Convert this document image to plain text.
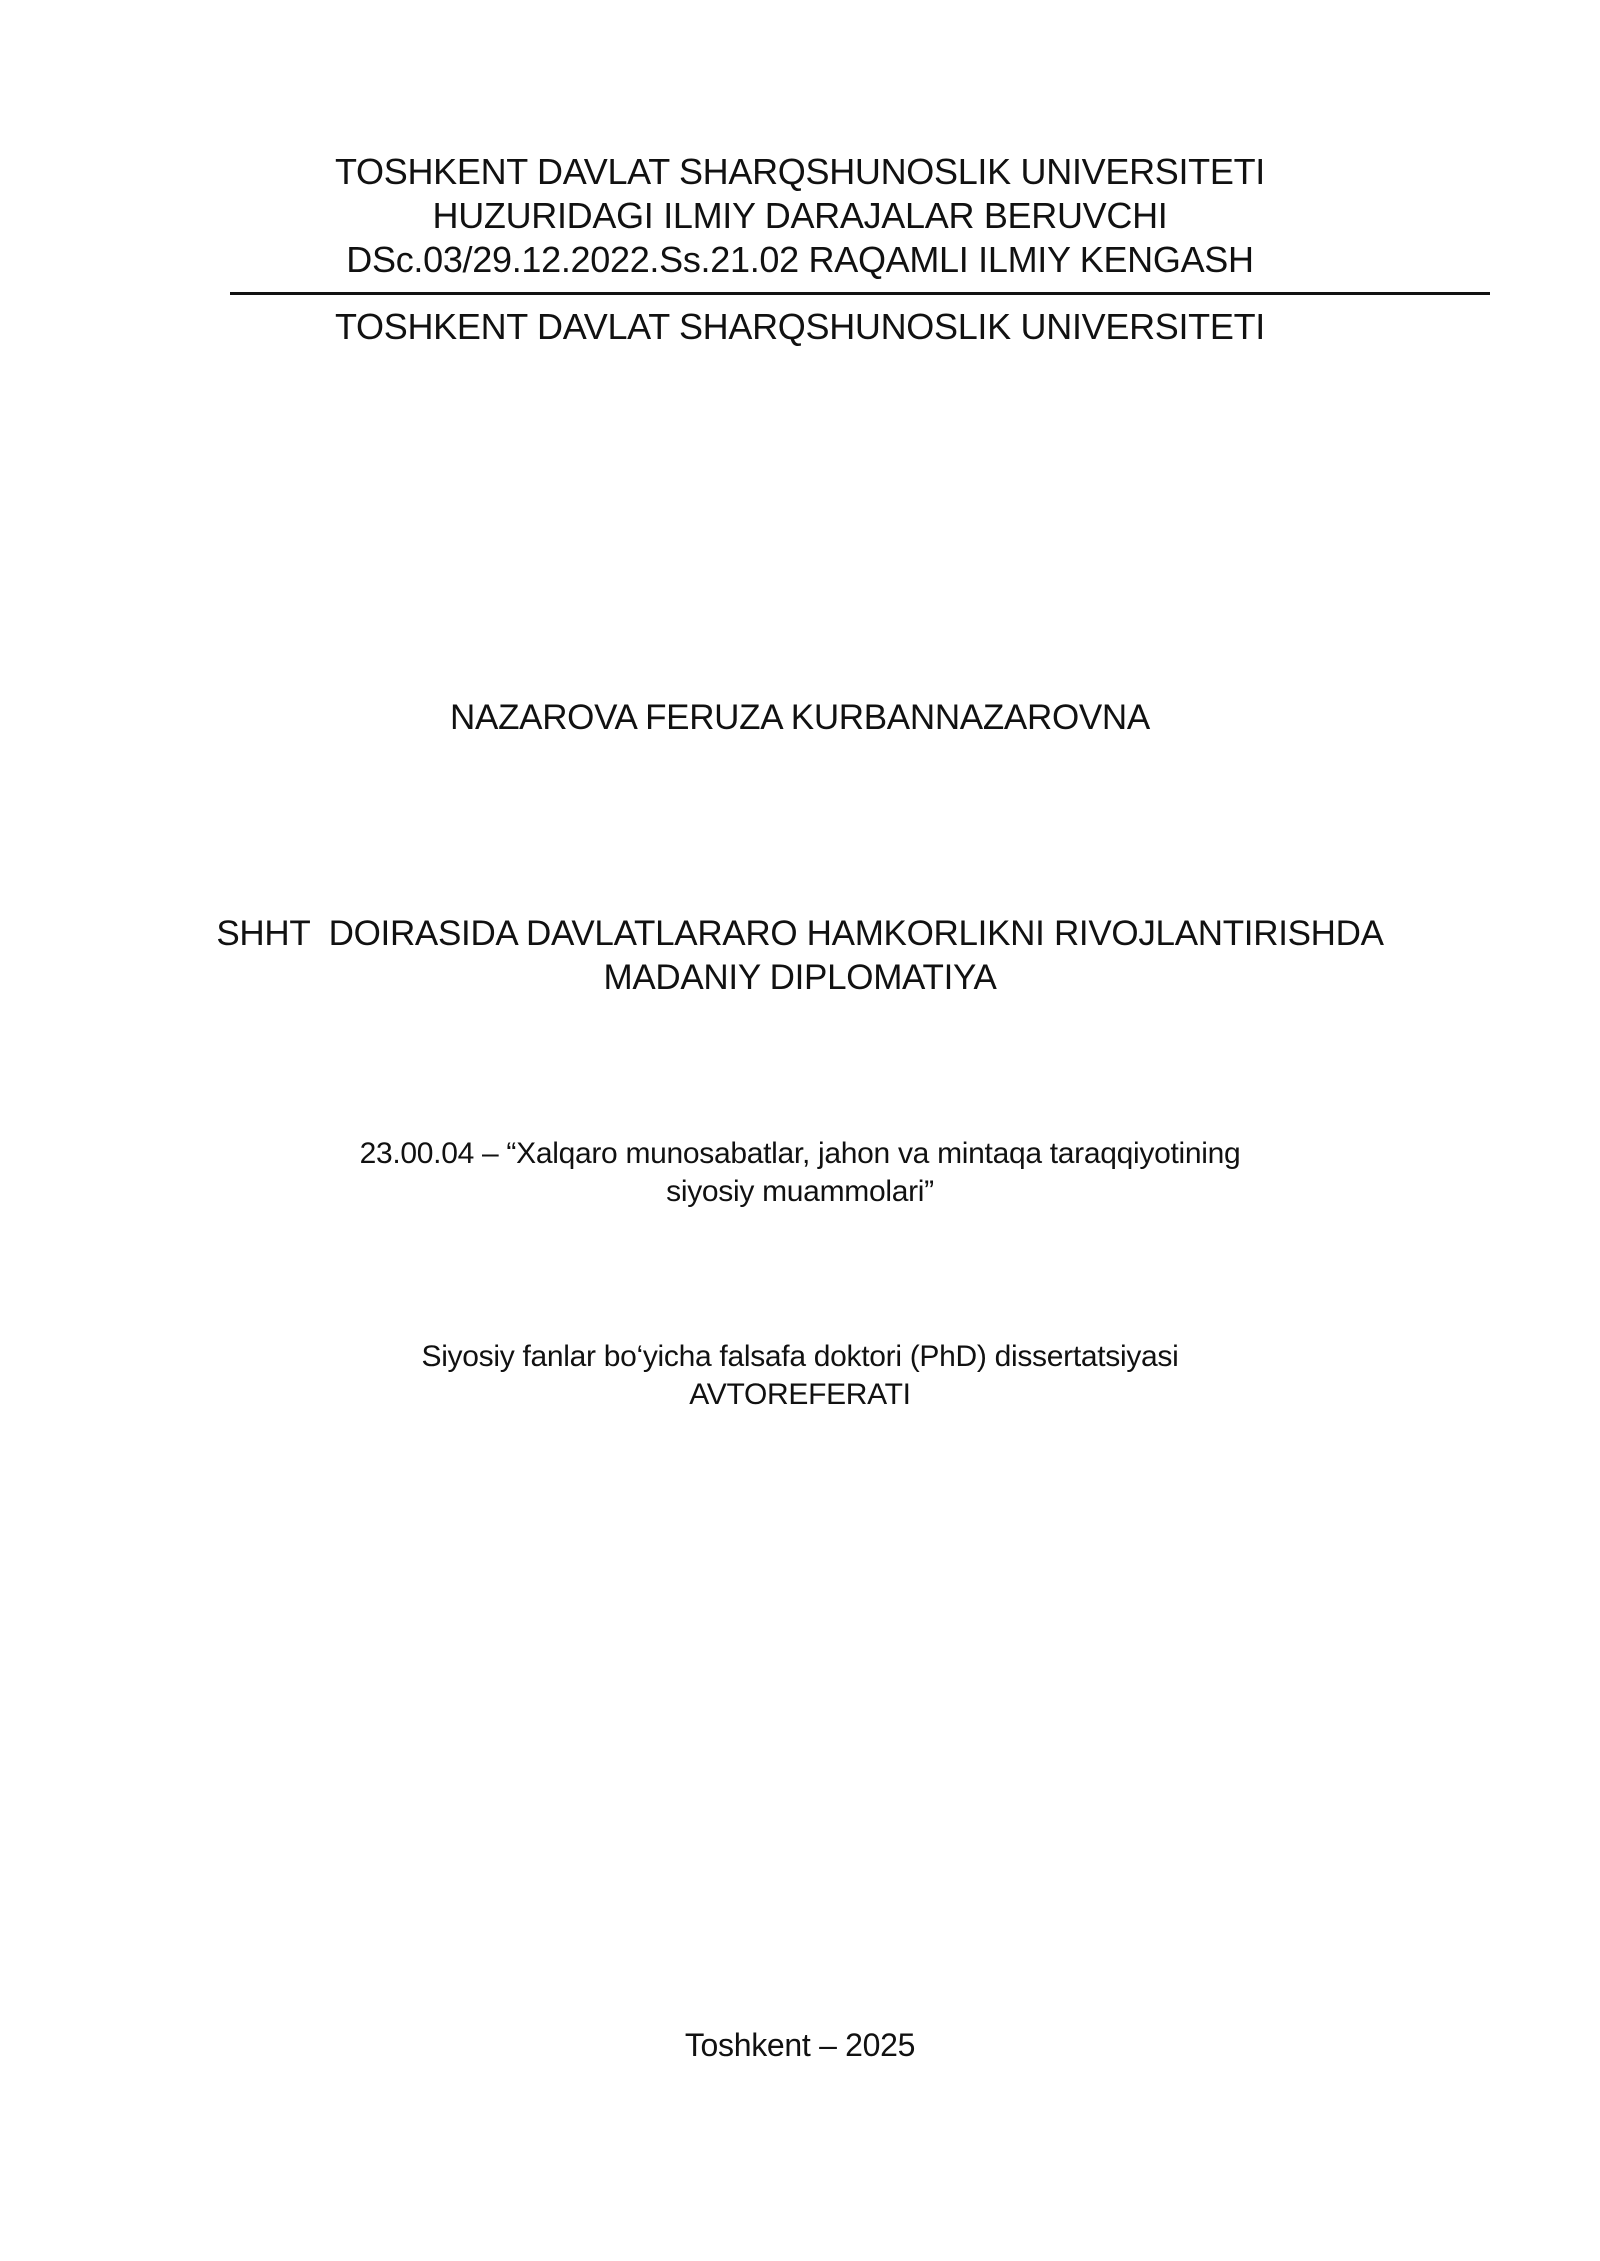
TOSHKENT DAVLAT SHARQSHUNOSLIK UNIVERSITETI

HUZURIDAGI ILMIY DARAJALAR BERUVCHI

DSc.03/29.12.2022.Ss.21.02 RAQAMLI ILMIY KENGASH

TOSHKENT DAVLAT SHARQSHUNOSLIK UNIVERSITETI

NAZAROVA FERUZA KURBANNAZAROVNA

SHHT  DOIRASIDA DAVLATLARARO HAMKORLIKNI RIVOJLANTIRISHDA

MADANIY DIPLOMATIYA

23.00.04 – “Xalqaro munosabatlar, jahon va mintaqa taraqqiyotining

siyosiy muammolari”

Siyosiy fanlar bo‘yicha falsafa doktori (PhD) dissertatsiyasi

AVTOREFERATI

Toshkent – 2025
